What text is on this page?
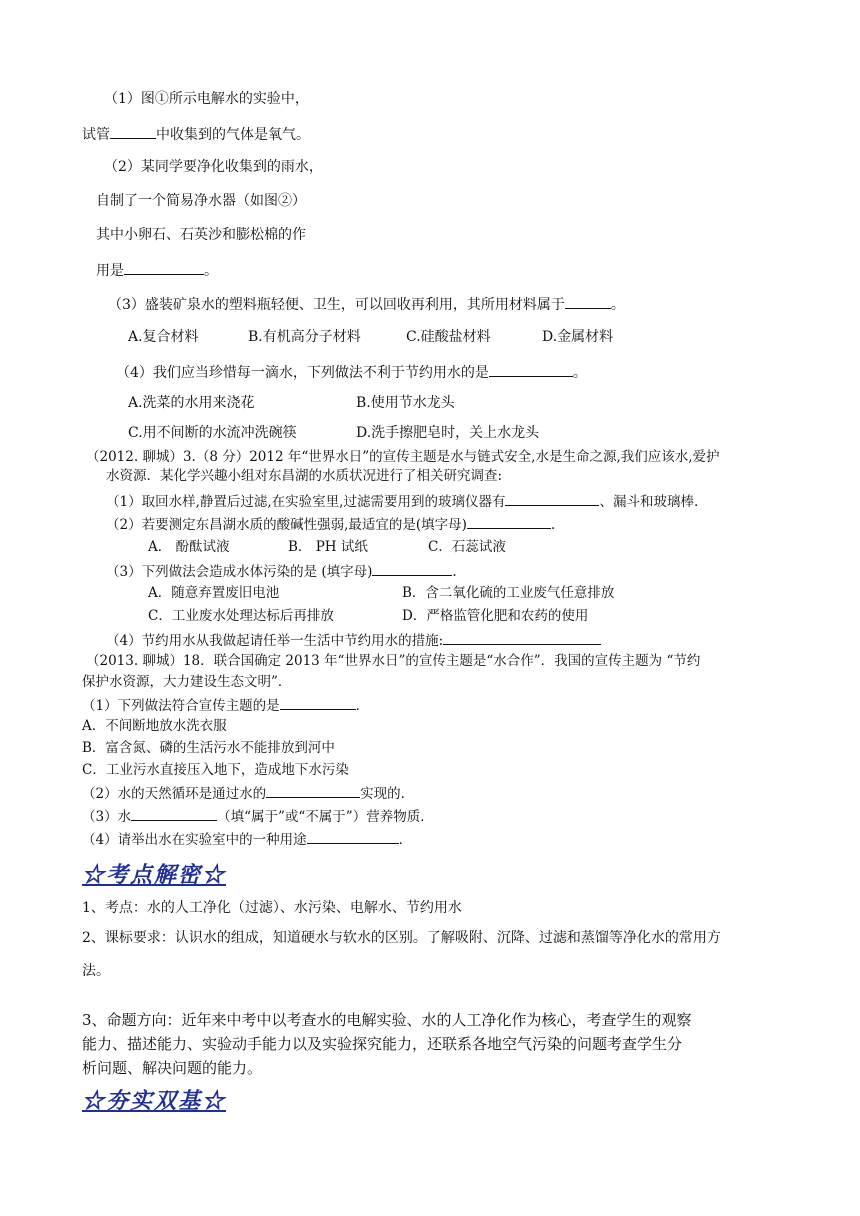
（1）图①所示电解水的实验中，
试管	中收集到的气体是氧气。
（2）某同学要净化收集到的雨水，
自制了一个简易净水器（如图②）
其中小卵石、石英沙和膨松棉的作
用是	。
（3）盛装矿泉水的塑料瓶轻便、卫生，可以回收再利用，其所用材料属于	。
A.复合材料	B.有机高分子材料	C.硅酸盐材料	D.金属材料
（4）我们应当珍惜每一滴水，下列做法不利于节约用水的是	。
A.洗菜的水用来浇花	B.使用节水龙头
C.用不间断的水流冲洗碗筷	D.洗手擦肥皂时，关上水龙头
（2012. 聊城）3.（8 分）2012 年“世界水日”的宣传主题是水与链式安全,水是生命之源,我们应该水,爱护
水资源．某化学兴趣小组对东昌湖的水质状况进行了相关研究调查:
（1）取回水样,静置后过滤,在实验室里,过滤需要用到的玻璃仪器有	、漏斗和玻璃棒.
（2）若要测定东昌湖水质的酸碱性强弱,最适宜的是(填字母)	.
A． 酚酞试液	B． PH 试纸	C．石蕊试液
（3）下列做法会造成水体污染的是 (填字母)	.
A．随意弃置废旧电池	B．含二氧化硫的工业废气任意排放
C．工业废水处理达标后再排放	D．严格监管化肥和农药的使用
（4）节约用水从我做起请任举一生活中节约用水的措施:
（2013. 聊城）18．联合国确定 2013 年“世界水日”的宣传主题是“水合作”．我国的宣传主题为 “节约
保护水资源，大力建设生态文明”．
（1）下列做法符合宣传主题的是	．
A．不间断地放水洗衣服
B．富含氮、磷的生活污水不能排放到河中
C．工业污水直接压入地下，造成地下水污染
（2）水的天然循环是通过水的	实现的．
（3）水	（填“属于”或“不属于”）营养物质．
（4）请举出水在实验室中的一种用途	．
☆考点解密☆
1、考点：水的人工净化（过滤）、水污染、电解水、节约用水
2、课标要求：认识水的组成，知道硬水与软水的区别。了解吸附、沉降、过滤和蒸馏等净化水的常用方
法。
3、命题方向：近年来中考中以考查水的电解实验、水的人工净化作为核心，考查学生的观察
能力、描述能力、实验动手能力以及实验探究能力，还联系各地空气污染的问题考查学生分
析问题、解决问题的能力。
☆夯实双基☆
